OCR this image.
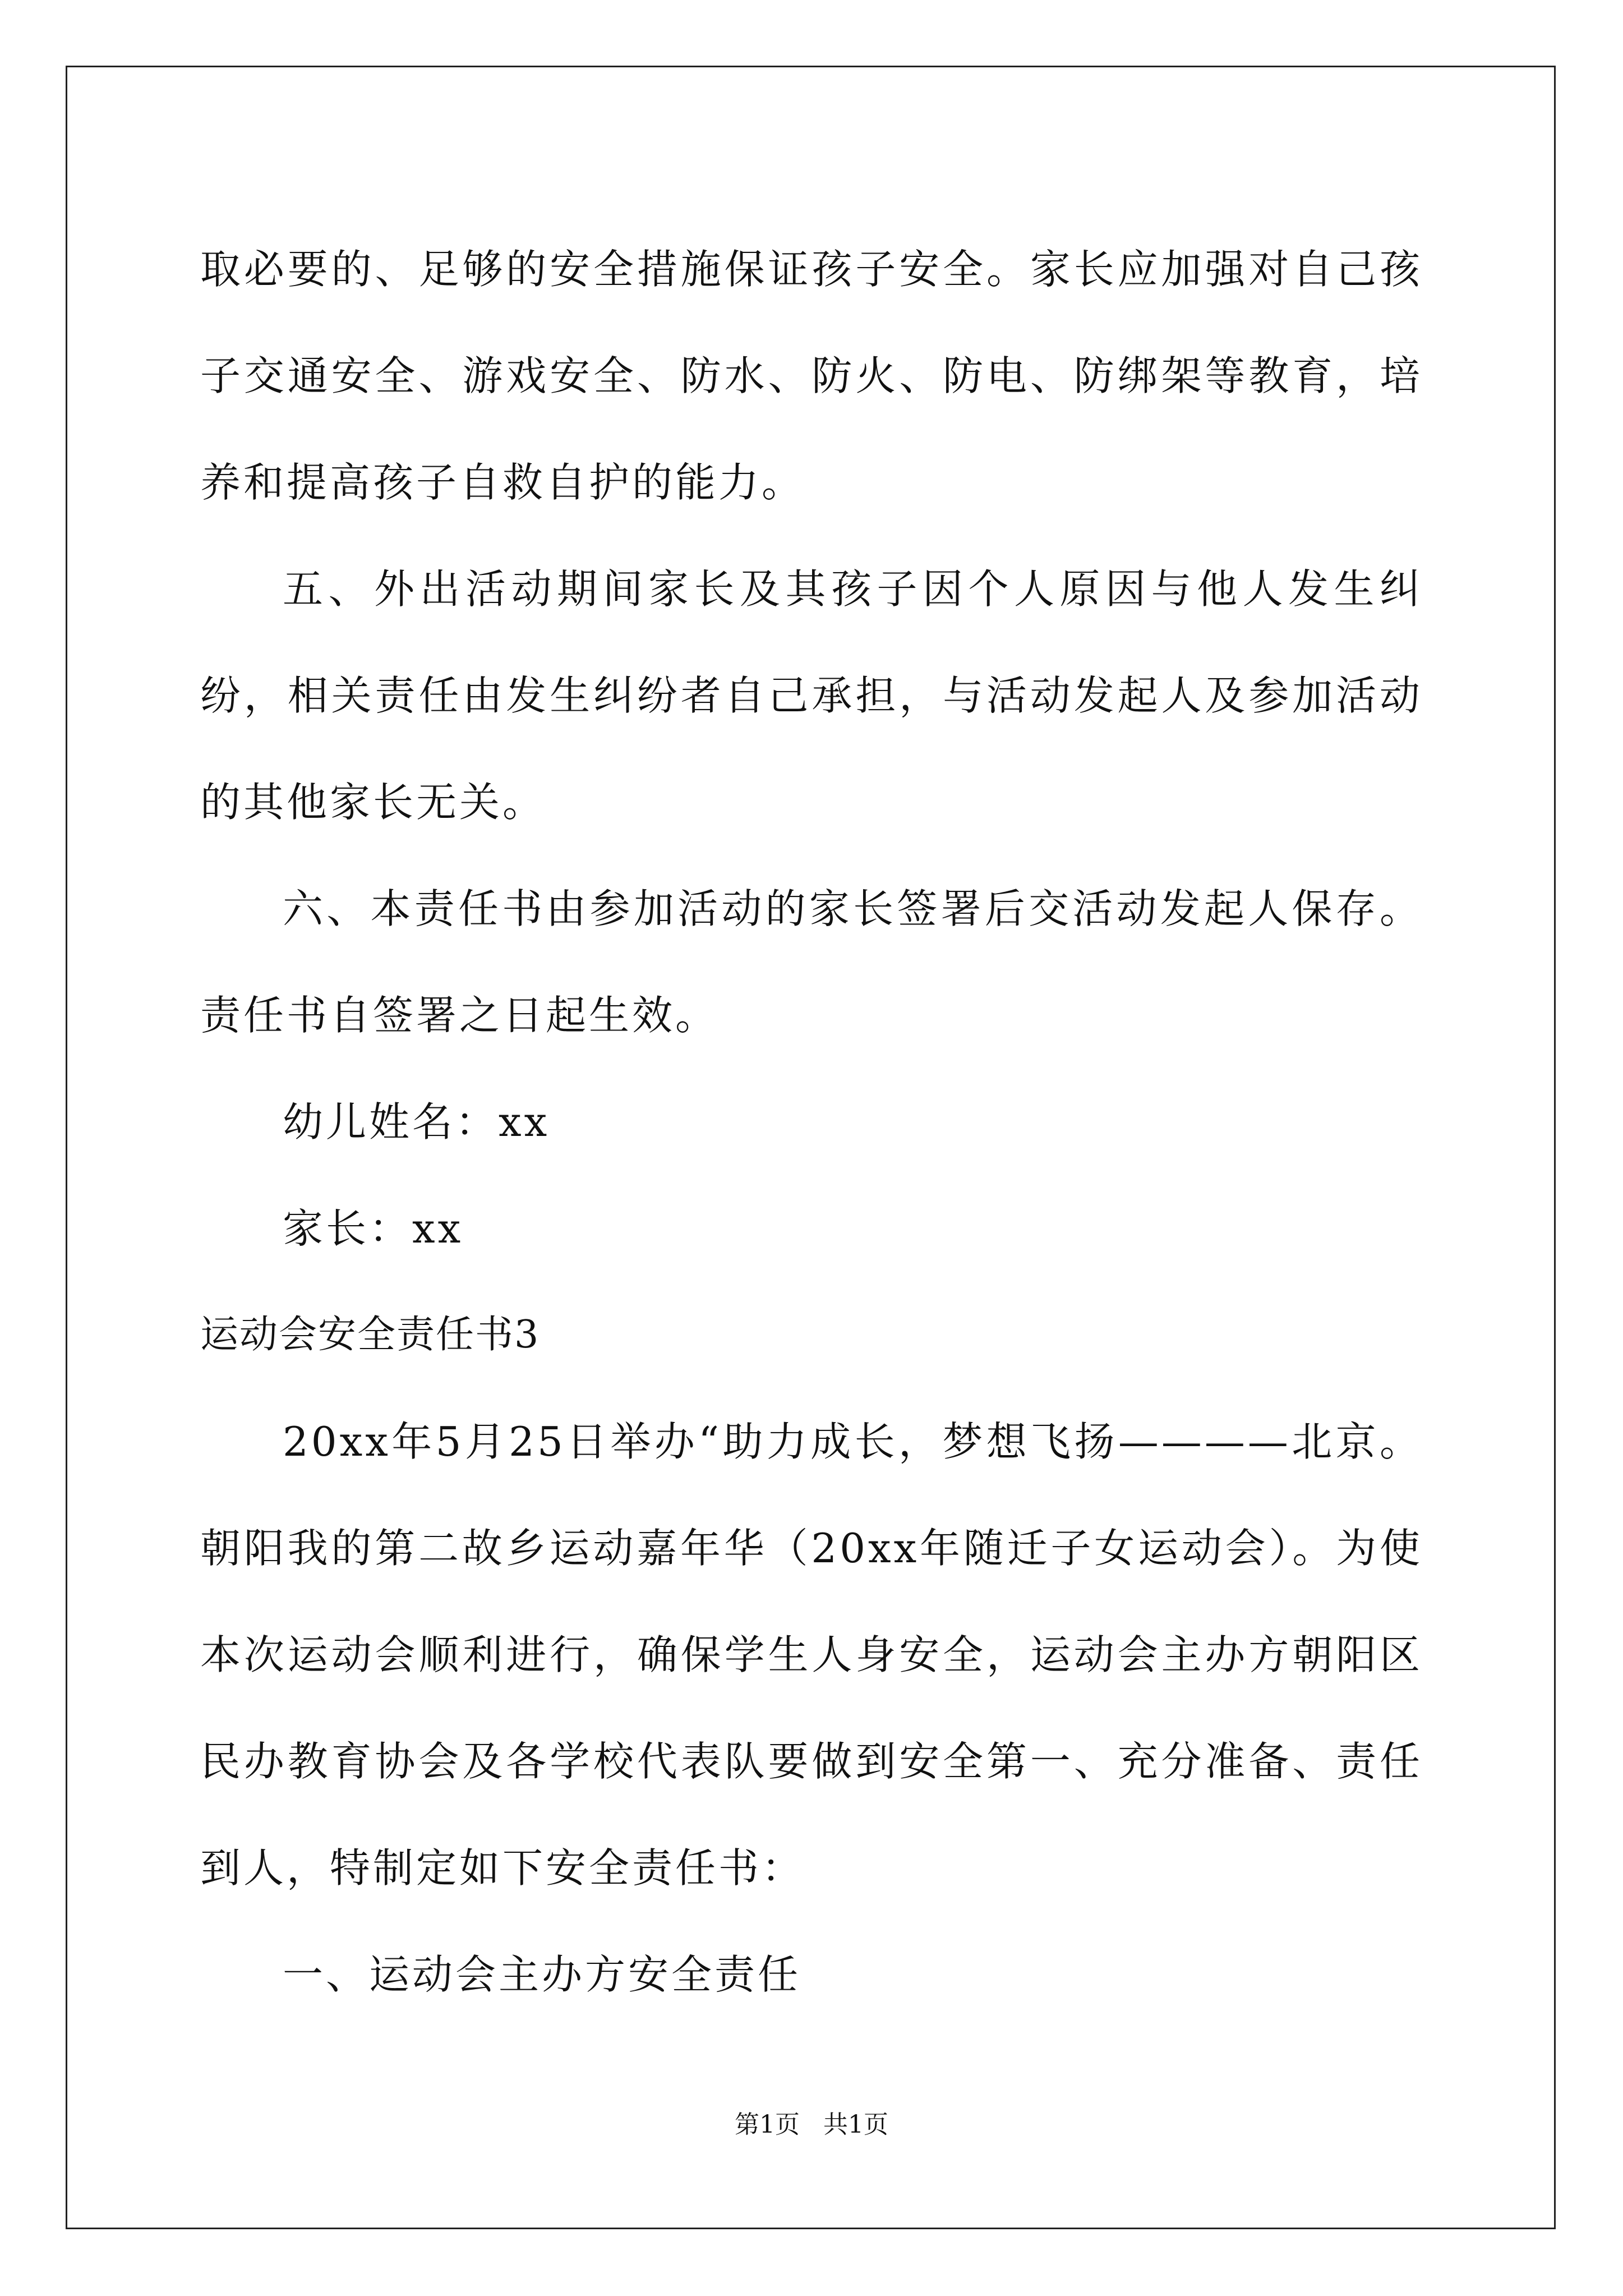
取必要的、足够的安全措施保证孩子安全。家长应加强对自己孩子交通安全、游戏安全、防水、防火、防电、防绑架等教育，培养和提高孩子自救自护的能力。

五、外出活动期间家长及其孩子因个人原因与他人发生纠纷，相关责任由发生纠纷者自己承担，与活动发起人及参加活动的其他家长无关。

六、本责任书由参加活动的家长签署后交活动发起人保存。责任书自签署之日起生效。

幼儿姓名：xx

家长：xx

运动会安全责任书3

20xx年5月25日举办“助力成长，梦想飞扬————北京。朝阳我的第二故乡运动嘉年华（20xx年随迁子女运动会）。为使本次运动会顺利进行，确保学生人身安全，运动会主办方朝阳区民办教育协会及各学校代表队要做到安全第一、充分准备、责任到人，特制定如下安全责任书：

一、运动会主办方安全责任

第1页 共1页
